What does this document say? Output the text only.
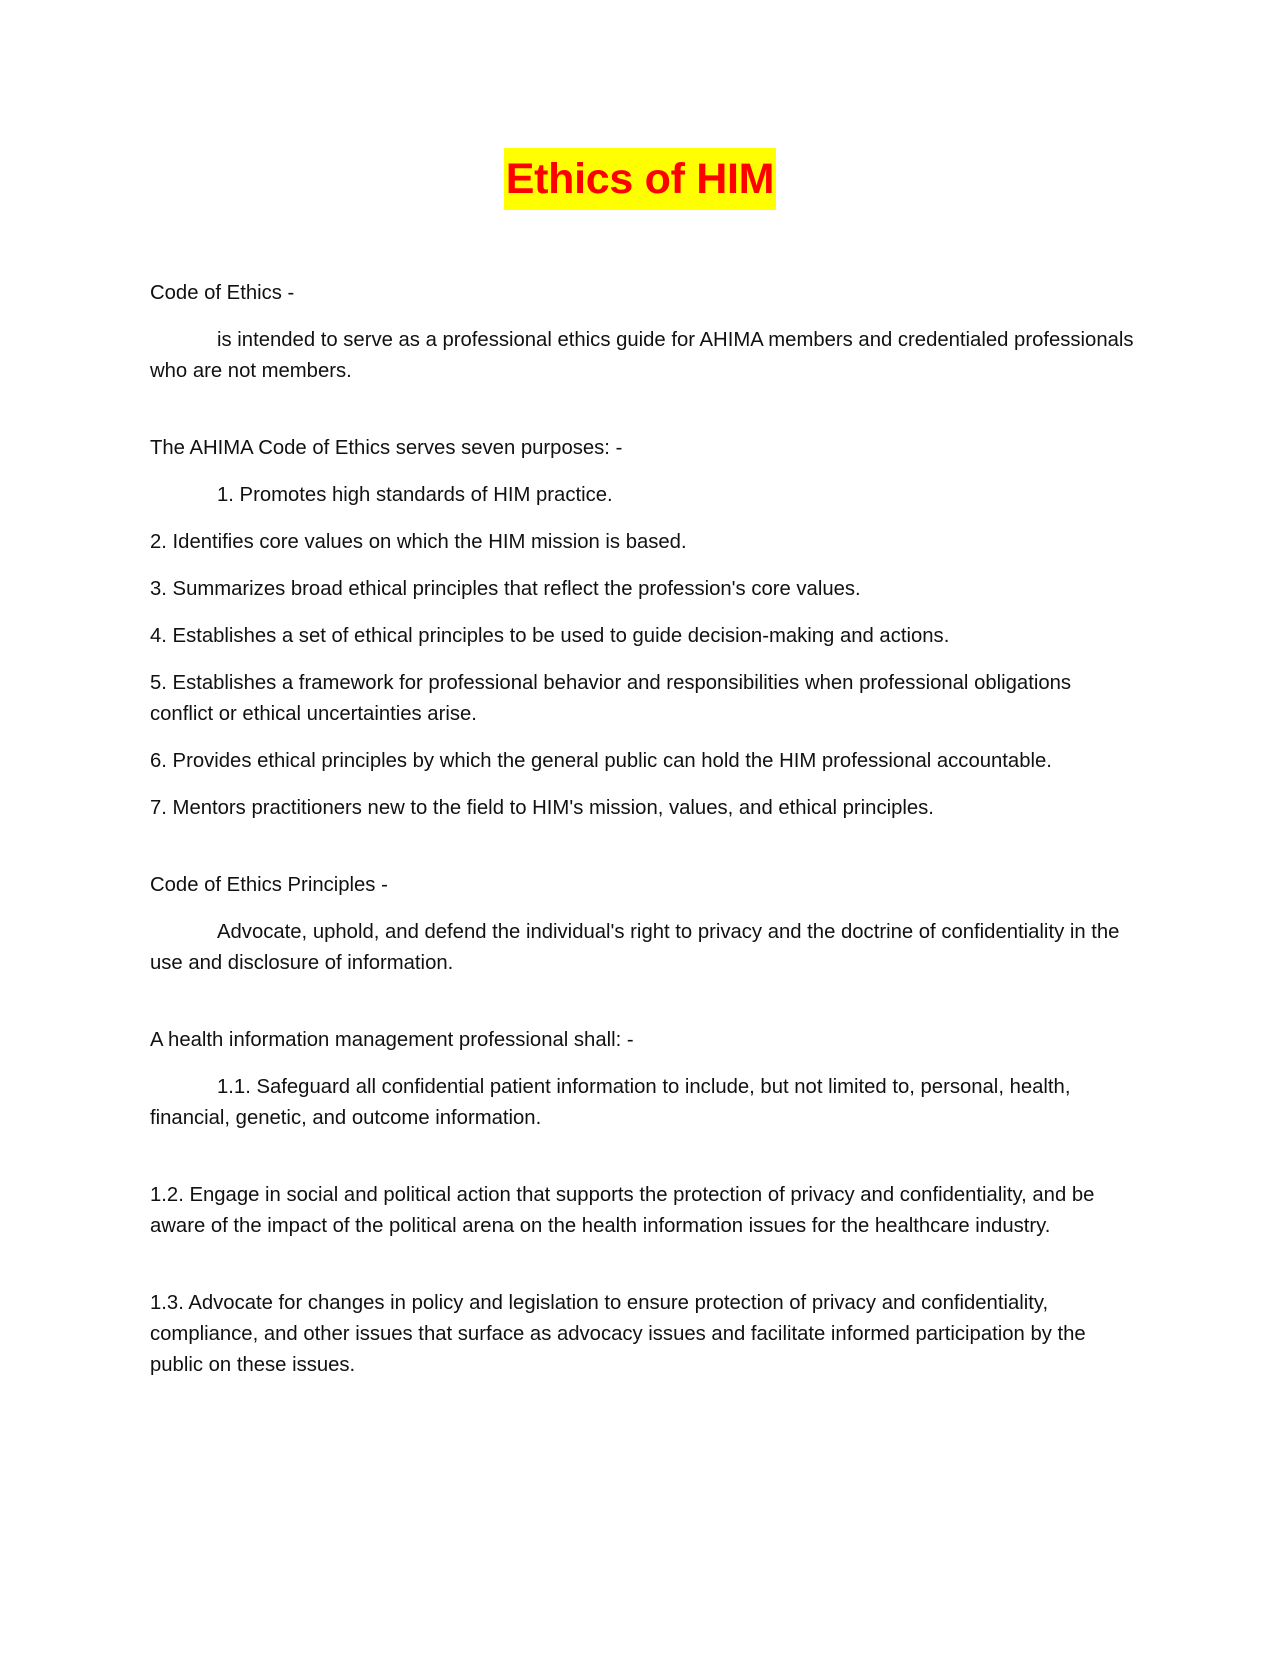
Ethics of HIM

Code of Ethics -

is intended to serve as a professional ethics guide for AHIMA members and credentialed professionals who are not members.

The AHIMA Code of Ethics serves seven purposes: -

1. Promotes high standards of HIM practice.

2. Identifies core values on which the HIM mission is based.

3. Summarizes broad ethical principles that reflect the profession's core values.

4. Establishes a set of ethical principles to be used to guide decision-making and actions.

5. Establishes a framework for professional behavior and responsibilities when professional obligations conflict or ethical uncertainties arise.

6. Provides ethical principles by which the general public can hold the HIM professional accountable.

7. Mentors practitioners new to the field to HIM's mission, values, and ethical principles.

Code of Ethics Principles -

Advocate, uphold, and defend the individual's right to privacy and the doctrine of confidentiality in the use and disclosure of information.

A health information management professional shall: -

1.1. Safeguard all confidential patient information to include, but not limited to, personal, health, financial, genetic, and outcome information.

1.2. Engage in social and political action that supports the protection of privacy and confidentiality, and be aware of the impact of the political arena on the health information issues for the healthcare industry.

1.3. Advocate for changes in policy and legislation to ensure protection of privacy and confidentiality, compliance, and other issues that surface as advocacy issues and facilitate informed participation by the public on these issues.
